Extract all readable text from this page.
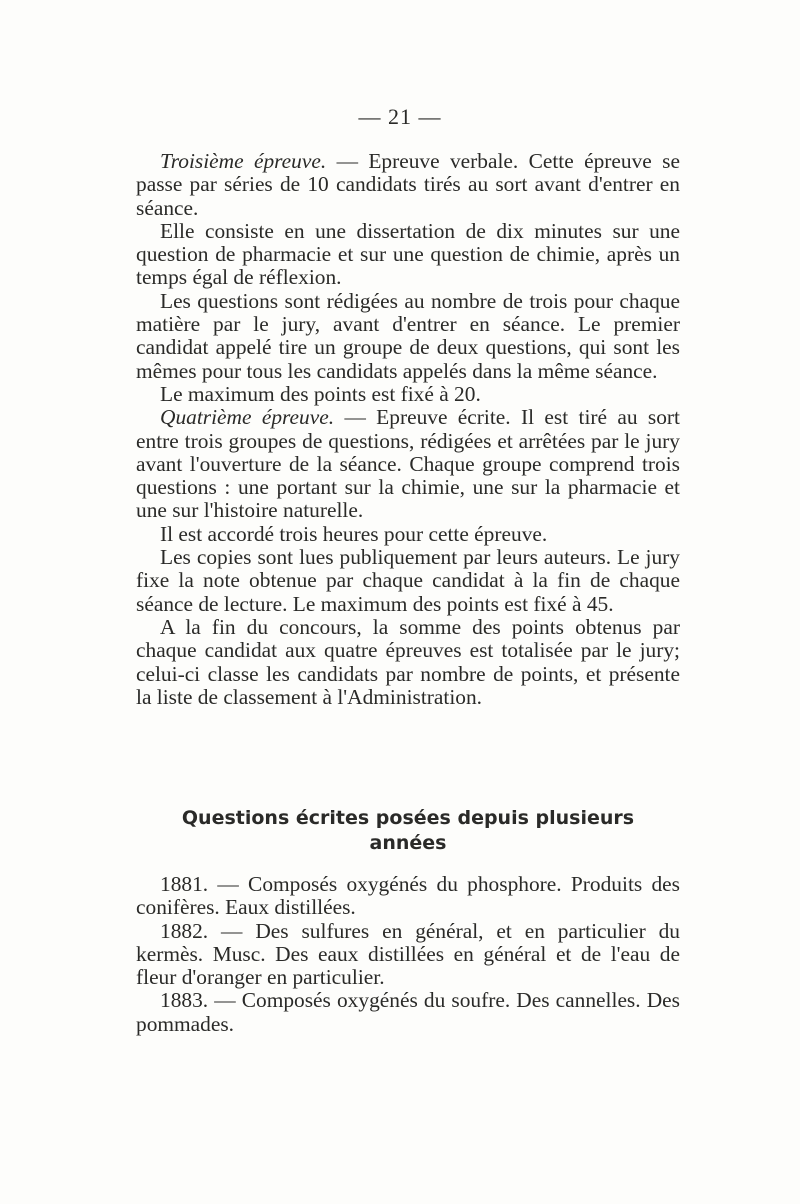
— 21 —

Troisième épreuve. — Epreuve verbale. Cette épreuve se passe par séries de 10 candidats tirés au sort avant d'entrer en séance.

Elle consiste en une dissertation de dix minutes sur une question de pharmacie et sur une question de chimie, après un temps égal de réflexion.

Les questions sont rédigées au nombre de trois pour chaque matière par le jury, avant d'entrer en séance. Le premier candidat appelé tire un groupe de deux questions, qui sont les mêmes pour tous les candidats appelés dans la même séance.

Le maximum des points est fixé à 20.

Quatrième épreuve. — Epreuve écrite. Il est tiré au sort entre trois groupes de questions, rédigées et arrêtées par le jury avant l'ouverture de la séance. Chaque groupe comprend trois questions : une portant sur la chimie, une sur la pharmacie et une sur l'histoire naturelle.

Il est accordé trois heures pour cette épreuve.

Les copies sont lues publiquement par leurs auteurs. Le jury fixe la note obtenue par chaque candidat à la fin de chaque séance de lecture. Le maximum des points est fixé à 45.

A la fin du concours, la somme des points obtenus par chaque candidat aux quatre épreuves est totalisée par le jury; celui-ci classe les candidats par nombre de points, et présente la liste de classement à l'Administration.

Questions écrites posées depuis plusieurs
années

1881. — Composés oxygénés du phosphore. Produits des conifères. Eaux distillées.

1882. — Des sulfures en général, et en particulier du kermès. Musc. Des eaux distillées en général et de l'eau de fleur d'oranger en particulier.

1883. — Composés oxygénés du soufre. Des cannelles. Des pommades.
